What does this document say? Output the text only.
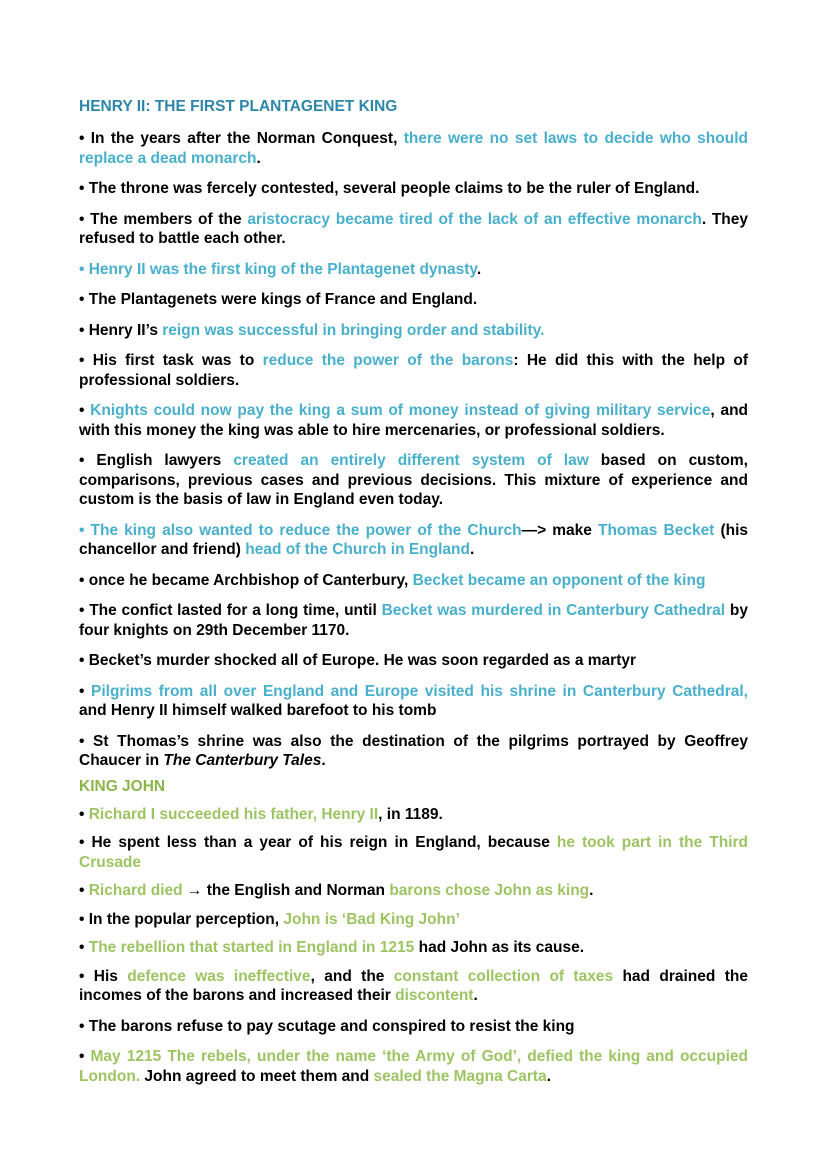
HENRY II: THE FIRST PLANTAGENET KING

• In the years after the Norman Conquest, there were no set laws to decide who should replace a dead monarch.

• The throne was fercely contested, several people claims to be the ruler of England.

• The members of the aristocracy became tired of the lack of an effective monarch. They refused to battle each other.

• Henry II was the first king of the Plantagenet dynasty.

• The Plantagenets were kings of France and England.

• Henry II’s reign was successful in bringing order and stability.

• His first task was to reduce the power of the barons: He did this with the help of professional soldiers.

• Knights could now pay the king a sum of money instead of giving military service, and with this money the king was able to hire mercenaries, or professional soldiers.

• English lawyers created an entirely different system of law based on custom, comparisons, previous cases and previous decisions. This mixture of experience and custom is the basis of law in England even today.

• The king also wanted to reduce the power of the Church—> make Thomas Becket (his chancellor and friend) head of the Church in England.

• once he became Archbishop of Canterbury, Becket became an opponent of the king

• The confict lasted for a long time, until Becket was murdered in Canterbury Cathedral by four knights on 29th December 1170.

• Becket’s murder shocked all of Europe. He was soon regarded as a martyr

• Pilgrims from all over England and Europe visited his shrine in Canterbury Cathedral, and Henry II himself walked barefoot to his tomb

• St Thomas’s shrine was also the destination of the pilgrims portrayed by Geoffrey Chaucer in The Canterbury Tales.

KING JOHN

• Richard I succeeded his father, Henry II, in 1189.

• He spent less than a year of his reign in England, because he took part in the Third Crusade

• Richard died → the English and Norman barons chose John as king.

• In the popular perception, John is ‘Bad King John’

• The rebellion that started in England in 1215 had John as its cause.

• His defence was ineffective, and the constant collection of taxes had drained the incomes of the barons and increased their discontent.

• The barons refuse to pay scutage and conspired to resist the king

• May 1215 The rebels, under the name ‘the Army of God’, defied the king and occupied London. John agreed to meet them and sealed the Magna Carta.
